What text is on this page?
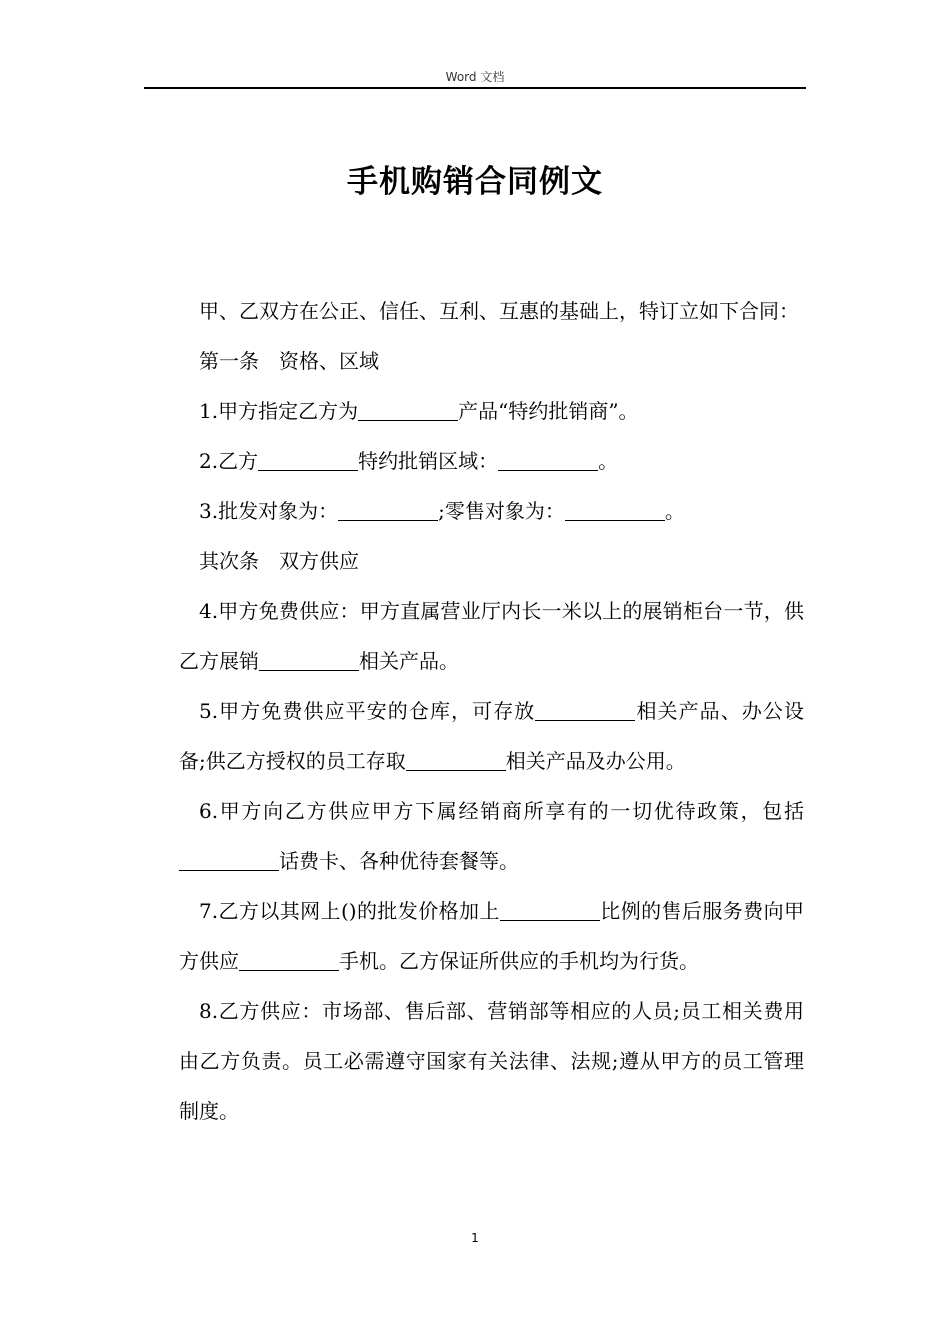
Word 文档
手机购销合同例文

甲、乙双方在公正、信任、互利、互惠的基础上，特订立如下合同：

第一条　资格、区域

1.甲方指定乙方为	产品“特约批销商”。

2.乙方	特约批销区域：	。

3.批发对象为：	;零售对象为：	。

其次条　双方供应

4.甲方免费供应：甲方直属营业厅内长一米以上的展销柜台一节，供乙方展销	相关产品。

5.甲方免费供应平安的仓库，可存放	相关产品、办公设备;供乙方授权的员工存取	相关产品及办公用。

6.甲方向乙方供应甲方下属经销商所享有的一切优待政策，包括话费卡、各种优待套餐等。

7.乙方以其网上()的批发价格加上	比例的售后服务费向甲方供应	手机。乙方保证所供应的手机均为行货。

8.乙方供应：市场部、售后部、营销部等相应的人员;员工相关费用由乙方负责。员工必需遵守国家有关法律、法规;遵从甲方的员工管理制度。

1
